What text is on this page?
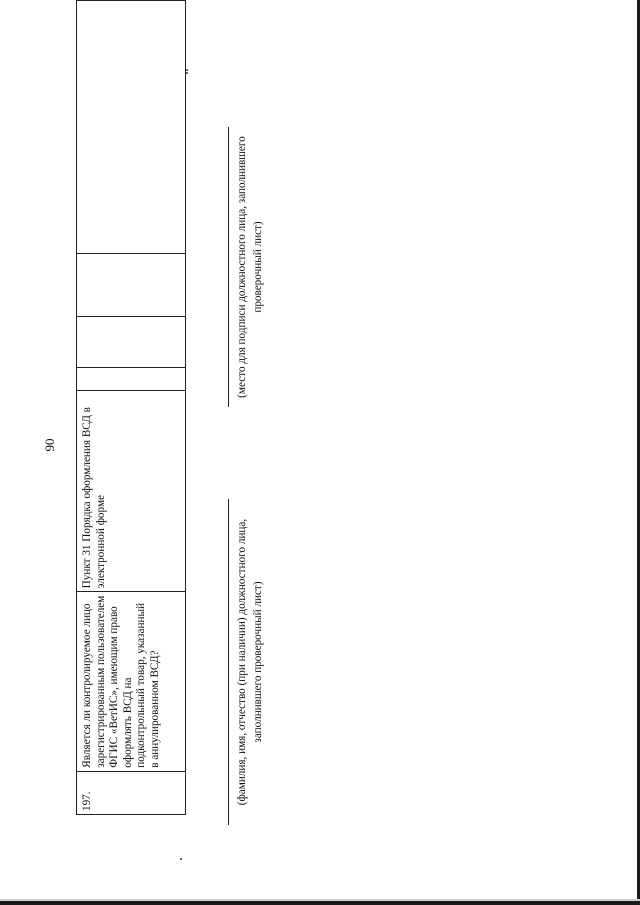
90
197.	Является ли контролируемое лицо зарегистрированным пользователем ФГИС «ВетИС», имеющим право оформлять ВСД на подконтрольный товар, указанный в аннулированном ВСД?	Пункт 31 Порядка оформления ВСД в электронной форме					(фамилия, имя, отчество (при наличии) должностного лица, заполнившего проверочный лист)
(место для подписи должностного лица, заполнившего проверочный лист)
